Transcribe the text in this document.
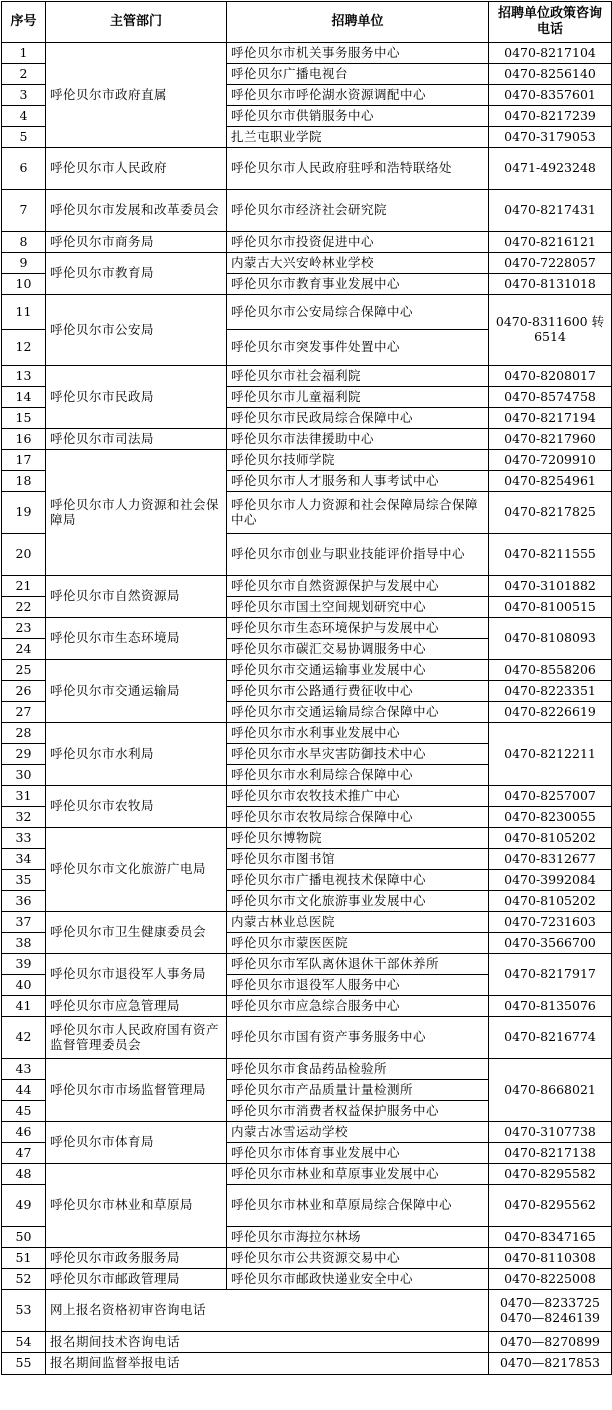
序号	主管部门	招聘单位	招聘单位政策咨询电话
1	呼伦贝尔市政府直属	呼伦贝尔市机关事务服务中心	0470-8217104
2		呼伦贝尔广播电视台	0470-8256140
3		呼伦贝尔市呼伦湖水资源调配中心	0470-8357601
4		呼伦贝尔市供销服务中心	0470-8217239
5		扎兰屯职业学院	0470-3179053
6	呼伦贝尔市人民政府	呼伦贝尔市人民政府驻呼和浩特联络处	0471-4923248
7	呼伦贝尔市发展和改革委员会	呼伦贝尔市经济社会研究院	0470-8217431
8	呼伦贝尔市商务局	呼伦贝尔市投资促进中心	0470-8216121
9	呼伦贝尔市教育局	内蒙古大兴安岭林业学校	0470-7228057
10		呼伦贝尔市教育事业发展中心	0470-8131018
11	呼伦贝尔市公安局	呼伦贝尔市公安局综合保障中心	0470-8311600 转 6514
12		呼伦贝尔市突发事件处置中心	
13	呼伦贝尔市民政局	呼伦贝尔市社会福利院	0470-8208017
14		呼伦贝尔市儿童福利院	0470-8574758
15		呼伦贝尔市民政局综合保障中心	0470-8217194
16	呼伦贝尔市司法局	呼伦贝尔市法律援助中心	0470-8217960
17	呼伦贝尔市人力资源和社会保障局	呼伦贝尔技师学院	0470-7209910
18		呼伦贝尔市人才服务和人事考试中心	0470-8254961
19		呼伦贝尔市人力资源和社会保障局综合保障中心	0470-8217825
20		呼伦贝尔市创业与职业技能评价指导中心	0470-8211555
21	呼伦贝尔市自然资源局	呼伦贝尔市自然资源保护与发展中心	0470-3101882
22		呼伦贝尔市国土空间规划研究中心	0470-8100515
23	呼伦贝尔市生态环境局	呼伦贝尔市生态环境保护与发展中心	0470-8108093
24		呼伦贝尔市碳汇交易协调服务中心	
25	呼伦贝尔市交通运输局	呼伦贝尔市交通运输事业发展中心	0470-8558206
26		呼伦贝尔市公路通行费征收中心	0470-8223351
27		呼伦贝尔市交通运输局综合保障中心	0470-8226619
28	呼伦贝尔市水利局	呼伦贝尔市水利事业发展中心	0470-8212211
29		呼伦贝尔市水旱灾害防御技术中心	
30		呼伦贝尔市水利局综合保障中心	
31	呼伦贝尔市农牧局	呼伦贝尔市农牧技术推广中心	0470-8257007
32		呼伦贝尔市农牧局综合保障中心	0470-8230055
33	呼伦贝尔市文化旅游广电局	呼伦贝尔博物院	0470-8105202
34		呼伦贝尔市图书馆	0470-8312677
35		呼伦贝尔市广播电视技术保障中心	0470-3992084
36		呼伦贝尔市文化旅游事业发展中心	0470-8105202
37	呼伦贝尔市卫生健康委员会	内蒙古林业总医院	0470-7231603
38		呼伦贝尔市蒙医医院	0470-3566700
39	呼伦贝尔市退役军人事务局	呼伦贝尔市军队离休退休干部休养所	0470-8217917
40		呼伦贝尔市退役军人服务中心	
41	呼伦贝尔市应急管理局	呼伦贝尔市应急综合服务中心	0470-8135076
42	呼伦贝尔市人民政府国有资产监督管理委员会	呼伦贝尔市国有资产事务服务中心	0470-8216774
43	呼伦贝尔市市场监督管理局	呼伦贝尔市食品药品检验所	0470-8668021
44		呼伦贝尔市产品质量计量检测所	
45		呼伦贝尔市消费者权益保护服务中心	
46	呼伦贝尔市体育局	内蒙古冰雪运动学校	0470-3107738
47		呼伦贝尔市体育事业发展中心	0470-8217138
48	呼伦贝尔市林业和草原局	呼伦贝尔市林业和草原事业发展中心	0470-8295582
49		呼伦贝尔市林业和草原局综合保障中心	0470-8295562
50		呼伦贝尔市海拉尔林场	0470-8347165
51	呼伦贝尔市政务服务局	呼伦贝尔市公共资源交易中心	0470-8110308
52	呼伦贝尔市邮政管理局	呼伦贝尔市邮政快递业安全中心	0470-8225008
53	网上报名资格初审咨询电话		0470—8233725
0470—8246139

54	报名期间技术咨询电话		0470—8270899

55	报名期间监督举报电话		0470—8217853
